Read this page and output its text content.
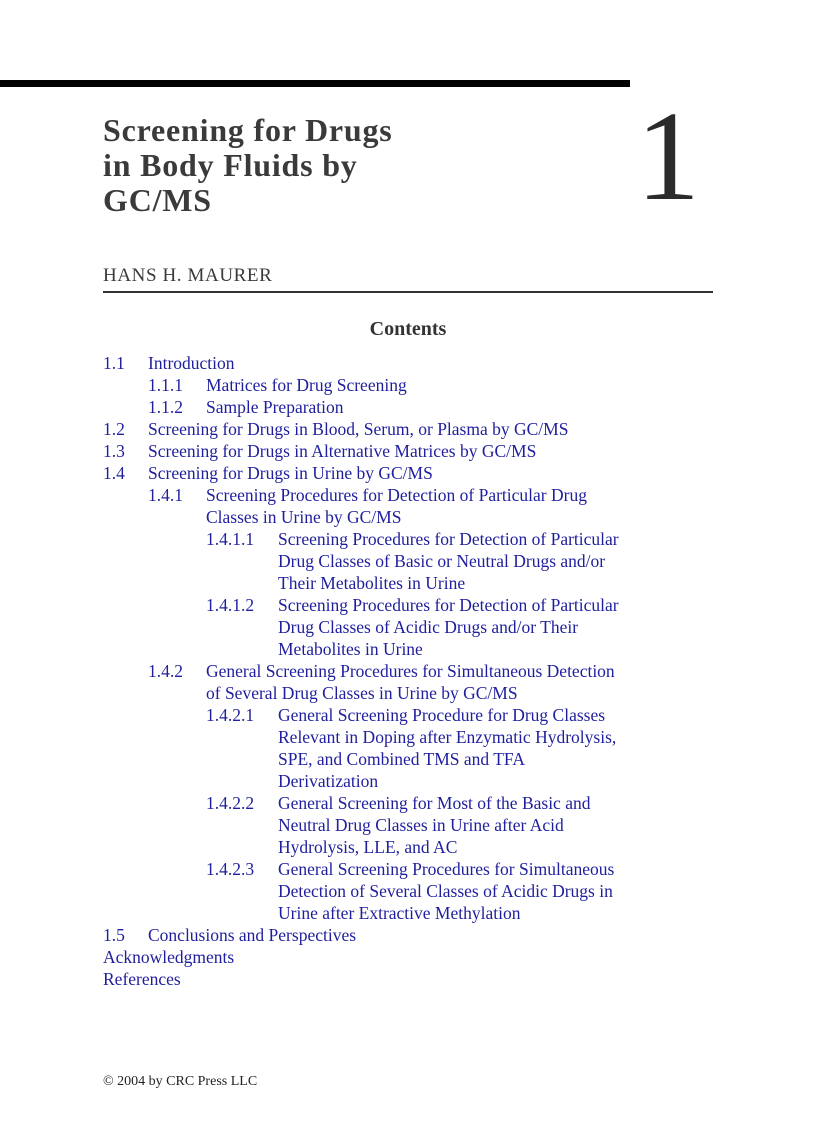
Screening for Drugs
in Body Fluids by
GC/MS	1
HANS H. MAURER
Contents
1.1	Introduction
1.1.1	Matrices for Drug Screening
1.1.2	Sample Preparation
1.2	Screening for Drugs in Blood, Serum, or Plasma by GC/MS
1.3	Screening for Drugs in Alternative Matrices by GC/MS
1.4	Screening for Drugs in Urine by GC/MS
1.4.1	Screening Procedures for Detection of Particular Drug
Classes in Urine by GC/MS
1.4.1.1	Screening Procedures for Detection of Particular
Drug Classes of Basic or Neutral Drugs and/or
Their Metabolites in Urine
1.4.1.2	Screening Procedures for Detection of Particular
Drug Classes of Acidic Drugs and/or Their
Metabolites in Urine
1.4.2	General Screening Procedures for Simultaneous Detection
of Several Drug Classes in Urine by GC/MS
1.4.2.1	General Screening Procedure for Drug Classes
Relevant in Doping after Enzymatic Hydrolysis,
SPE, and Combined TMS and TFA
Derivatization
1.4.2.2	General Screening for Most of the Basic and
Neutral Drug Classes in Urine after Acid
Hydrolysis, LLE, and AC
1.4.2.3	General Screening Procedures for Simultaneous
Detection of Several Classes of Acidic Drugs in
Urine after Extractive Methylation
1.5	Conclusions and Perspectives
Acknowledgments
References
© 2004 by CRC Press LLC
